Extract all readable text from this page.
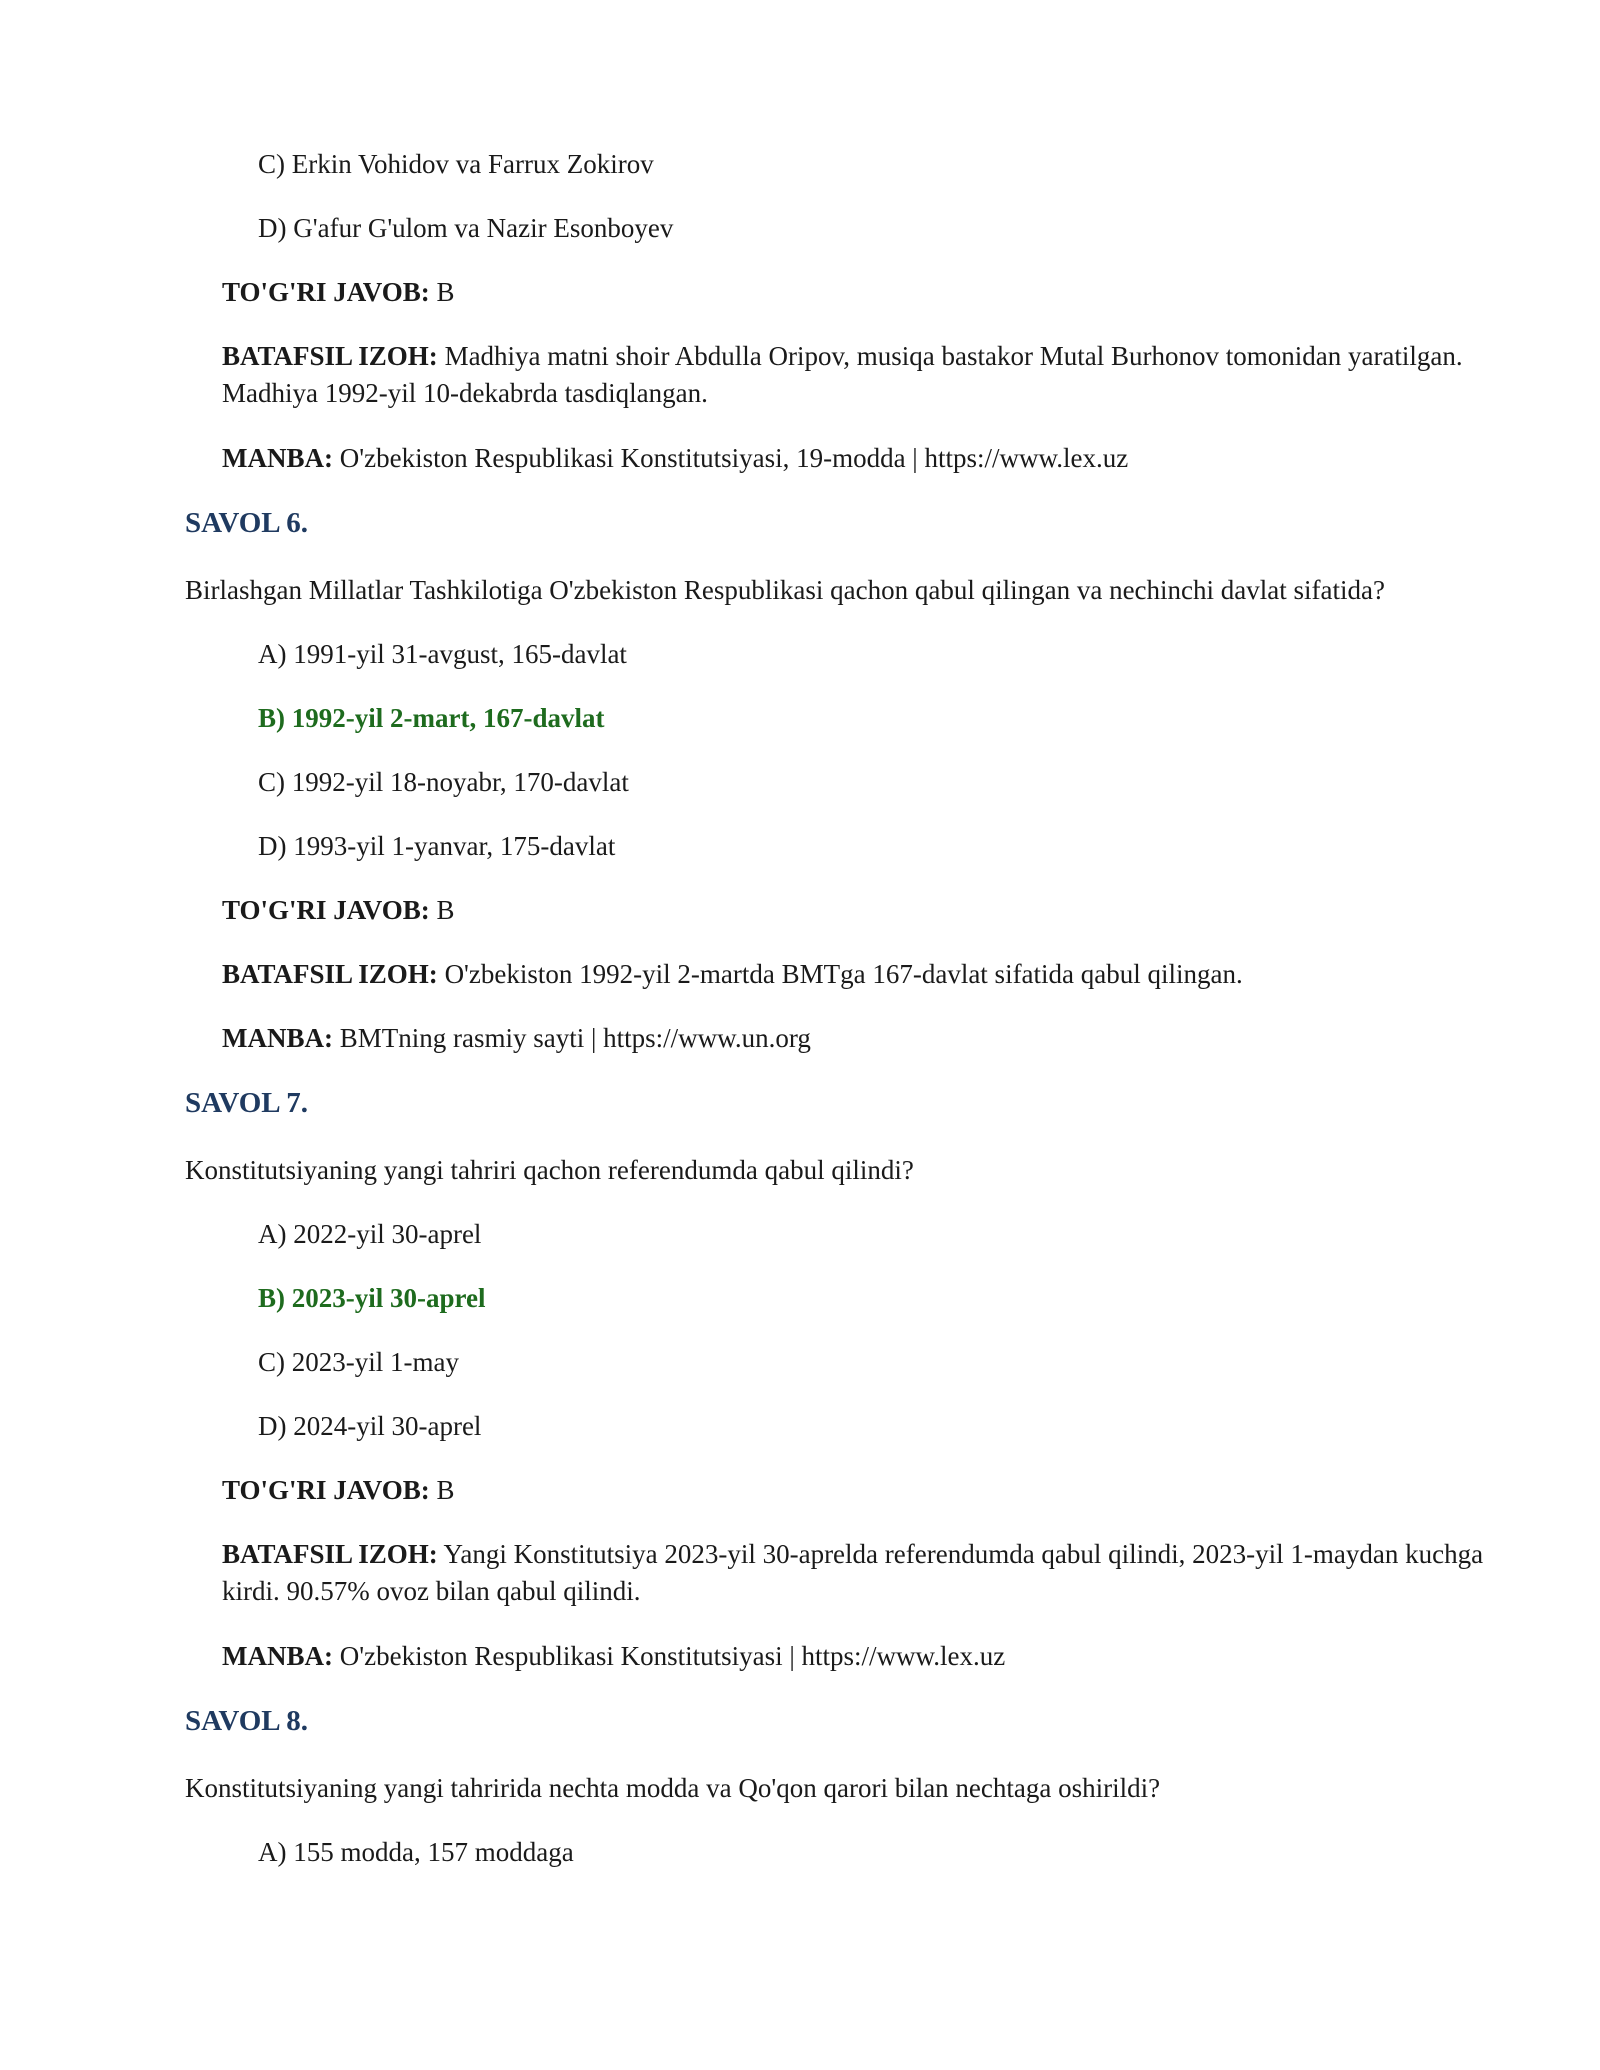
C) Erkin Vohidov va Farrux Zokirov
D) G'afur G'ulom va Nazir Esonboyev
TO'G'RI JAVOB: B
BATAFSIL IZOH: Madhiya matni shoir Abdulla Oripov, musiqa bastakor Mutal Burhonov tomonidan yaratilgan. Madhiya 1992-yil 10-dekabrda tasdiqlangan.
MANBA: O'zbekiston Respublikasi Konstitutsiyasi, 19-modda | https://www.lex.uz
SAVOL 6.
Birlashgan Millatlar Tashkilotiga O'zbekiston Respublikasi qachon qabul qilingan va nechinchi davlat sifatida?
A) 1991-yil 31-avgust, 165-davlat
B) 1992-yil 2-mart, 167-davlat
C) 1992-yil 18-noyabr, 170-davlat
D) 1993-yil 1-yanvar, 175-davlat
TO'G'RI JAVOB: B
BATAFSIL IZOH: O'zbekiston 1992-yil 2-martda BMTga 167-davlat sifatida qabul qilingan.
MANBA: BMTning rasmiy sayti | https://www.un.org
SAVOL 7.
Konstitutsiyaning yangi tahriri qachon referendumda qabul qilindi?
A) 2022-yil 30-aprel
B) 2023-yil 30-aprel
C) 2023-yil 1-may
D) 2024-yil 30-aprel
TO'G'RI JAVOB: B
BATAFSIL IZOH: Yangi Konstitutsiya 2023-yil 30-aprelda referendumda qabul qilindi, 2023-yil 1-maydan kuchga kirdi. 90.57% ovoz bilan qabul qilindi.
MANBA: O'zbekiston Respublikasi Konstitutsiyasi | https://www.lex.uz
SAVOL 8.
Konstitutsiyaning yangi tahririda nechta modda va Qo'qon qarori bilan nechtaga oshirildi?
A) 155 modda, 157 moddaga
